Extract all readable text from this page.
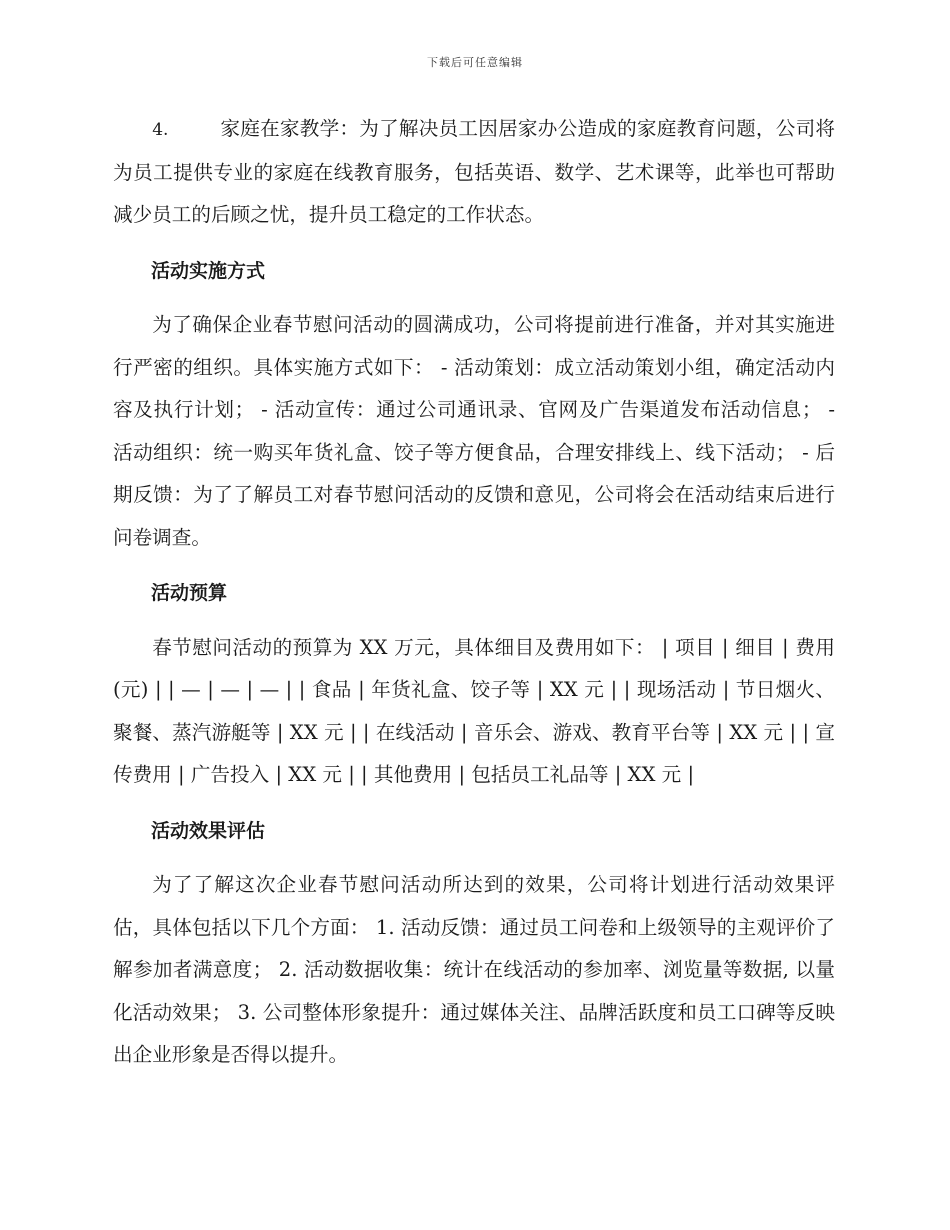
下载后可任意编辑

4.	家庭在家教学：为了解决员工因居家办公造成的家庭教育问题，公司将为员工提供专业的家庭在线教育服务，包括英语、数学、艺术课等，此举也可帮助减少员工的后顾之忧，提升员工稳定的工作状态。

活动实施方式

为了确保企业春节慰问活动的圆满成功，公司将提前进行准备，并对其实施进行严密的组织。具体实施方式如下： - 活动策划：成立活动策划小组，确定活动内容及执行计划； - 活动宣传：通过公司通讯录、官网及广告渠道发布活动信息； - 活动组织：统一购买年货礼盒、饺子等方便食品，合理安排线上、线下活动； - 后期反馈：为了了解员工对春节慰问活动的反馈和意见，公司将会在活动结束后进行问卷调查。

活动预算

春节慰问活动的预算为 XX 万元，具体细目及费用如下： | 项目 | 细目 | 费用(元) | | — | — | — | | 食品 | 年货礼盒、饺子等 | XX 元 | | 现场活动 | 节日烟火、聚餐、蒸汽游艇等 | XX 元 | | 在线活动 | 音乐会、游戏、教育平台等 | XX 元 | | 宣传费用 | 广告投入 | XX 元 | | 其他费用 | 包括员工礼品等 | XX 元 |

活动效果评估

为了了解这次企业春节慰问活动所达到的效果，公司将计划进行活动效果评估，具体包括以下几个方面： 1. 活动反馈：通过员工问卷和上级领导的主观评价了解参加者满意度； 2. 活动数据收集：统计在线活动的参加率、浏览量等数据, 以量化活动效果； 3. 公司整体形象提升：通过媒体关注、品牌活跃度和员工口碑等反映出企业形象是否得以提升。
